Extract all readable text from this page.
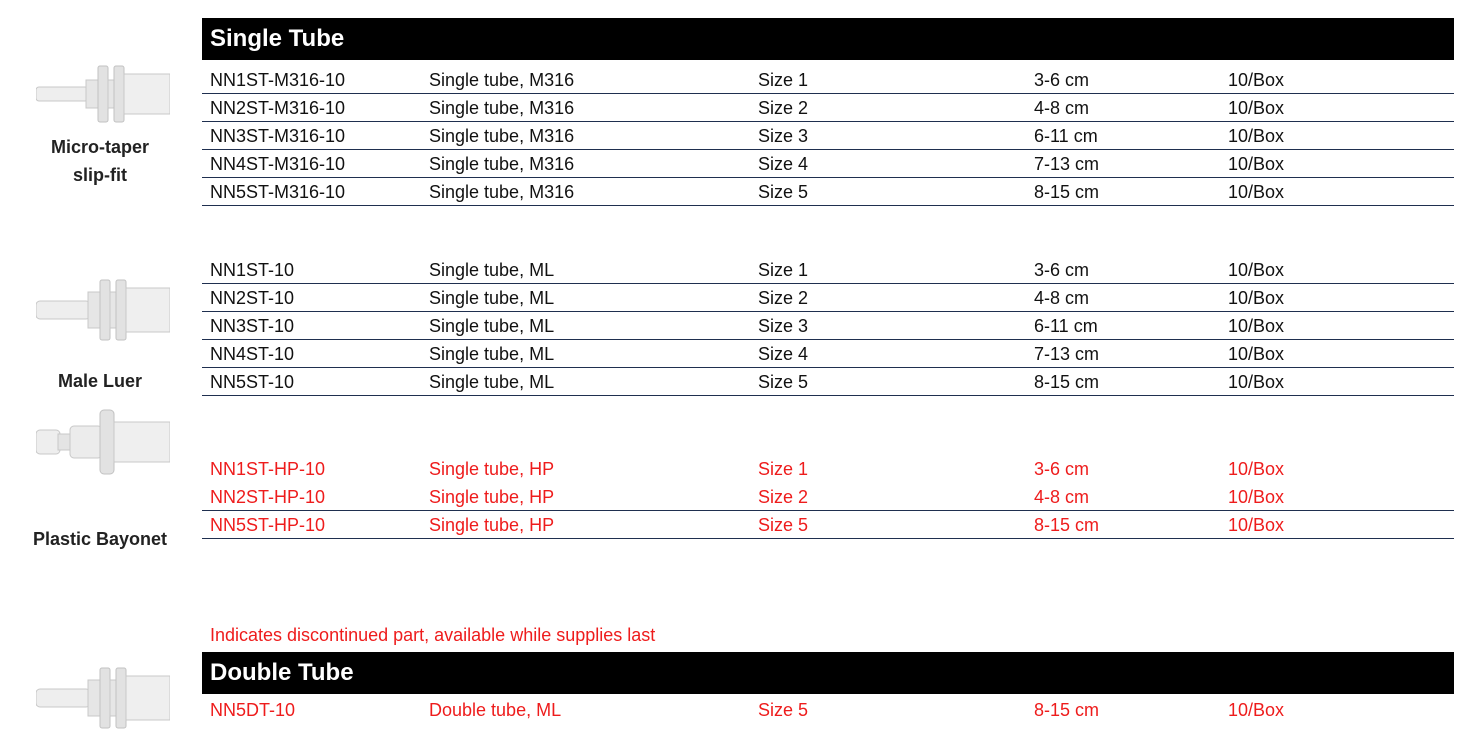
Micro-taper
slip-fit
Male Luer
Plastic Bayonet
Single Tube
NN1ST-M316-10	Single tube, M316	Size 1	3-6 cm	10/Box
NN2ST-M316-10	Single tube, M316	Size 2	4-8 cm	10/Box
NN3ST-M316-10	Single tube, M316	Size 3	6-11 cm	10/Box
NN4ST-M316-10	Single tube, M316	Size 4	7-13 cm	10/Box
NN5ST-M316-10	Single tube, M316	Size 5	8-15 cm	10/Box
NN1ST-10	Single tube, ML	Size 1	3-6 cm	10/Box
NN2ST-10	Single tube, ML	Size 2	4-8 cm	10/Box
NN3ST-10	Single tube, ML	Size 3	6-11 cm	10/Box
NN4ST-10	Single tube, ML	Size 4	7-13 cm	10/Box
NN5ST-10	Single tube, ML	Size 5	8-15 cm	10/Box
NN1ST-HP-10	Single tube, HP	Size 1	3-6 cm	10/Box
NN2ST-HP-10	Single tube, HP	Size 2	4-8 cm	10/Box
NN5ST-HP-10	Single tube, HP	Size 5	8-15 cm	10/Box
Indicates discontinued part, available while supplies last
Double Tube
NN5DT-10	Double tube, ML	Size 5	8-15 cm	10/Box
